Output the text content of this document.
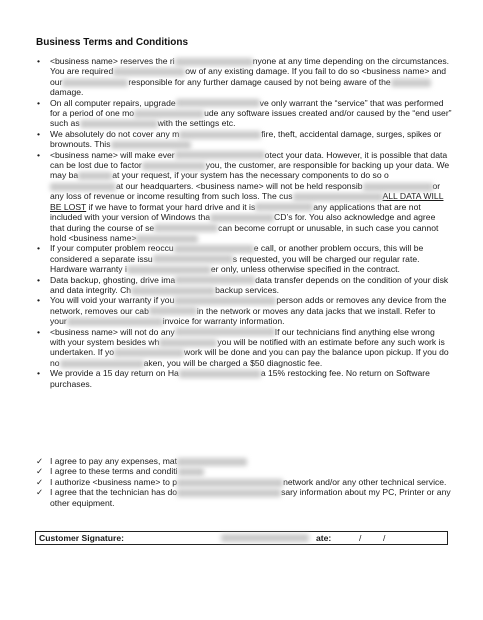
Business Terms and Conditions
• <business name> reserves the ri	nyone at any time depending on the circumstances. You are required	ow of any existing damage. If you fail to do so <business name> and our	responsible for any further damage caused by not being aware of thedamage.
• On all computer repairs, upgrade	ve only warrant the “service” that was performed for a period of one mo	ude any software issues created and/or caused by the “end user” such as	with the settings etc.
• We absolutely do not cover any m	fire, theft, accidental damage, surges, spikes or brownouts. This
• <business name> will make ever	otect your data. However, it is possible that data can be lost due to factor	you, the customer, are responsible for backing up your data. We may ba	at your request, if your system has the necessary components to do so oat our headquarters. <business name> will not be held responsib	or any loss of revenue or income resulting from such loss. The cus	ALL DATA WILL BE LOST if we have to format your hard drive and it is	any applications that are not included with your version of Windows tha	CD’s for. You also acknowledge and agree that during the course of se	can become corrupt or unusable, in such case you cannot hold <business name>
• If your computer problem reoccu	e call, or another problem occurs, this will be considered a separate issu	s requested, you will be charged our regular rate. Hardware warranty i	er only, unless otherwise specified in the contract.
• Data backup, ghosting, drive ima	data transfer depends on the condition of your disk and data integrity. Ch	backup services.
• You will void your warranty if you	person adds or removes any device from the network, removes our cab	in the network or moves any data jacks that we install. Refer to your	invoice for warranty information.
• <business name> will not do any	If our technicians find anything else wrong with your system besides wh	you will be notified with an estimate before any such work is undertaken. If yo	work will be done and you can pay the balance upon pickup. If you do no	aken, you will be charged a $50 diagnostic fee.
• We provide a 15 day return on Ha	a 15% restocking fee. No return on Software purchases.
✓ I agree to pay any expenses, mat
✓ I agree to these terms and conditi
✓ I authorize <business name> to p	network and/or any other technical service.
✓ I agree that the technician has do	sary information about my PC, Printer or any other equipment.
Customer Signature:	ate:	/	/
